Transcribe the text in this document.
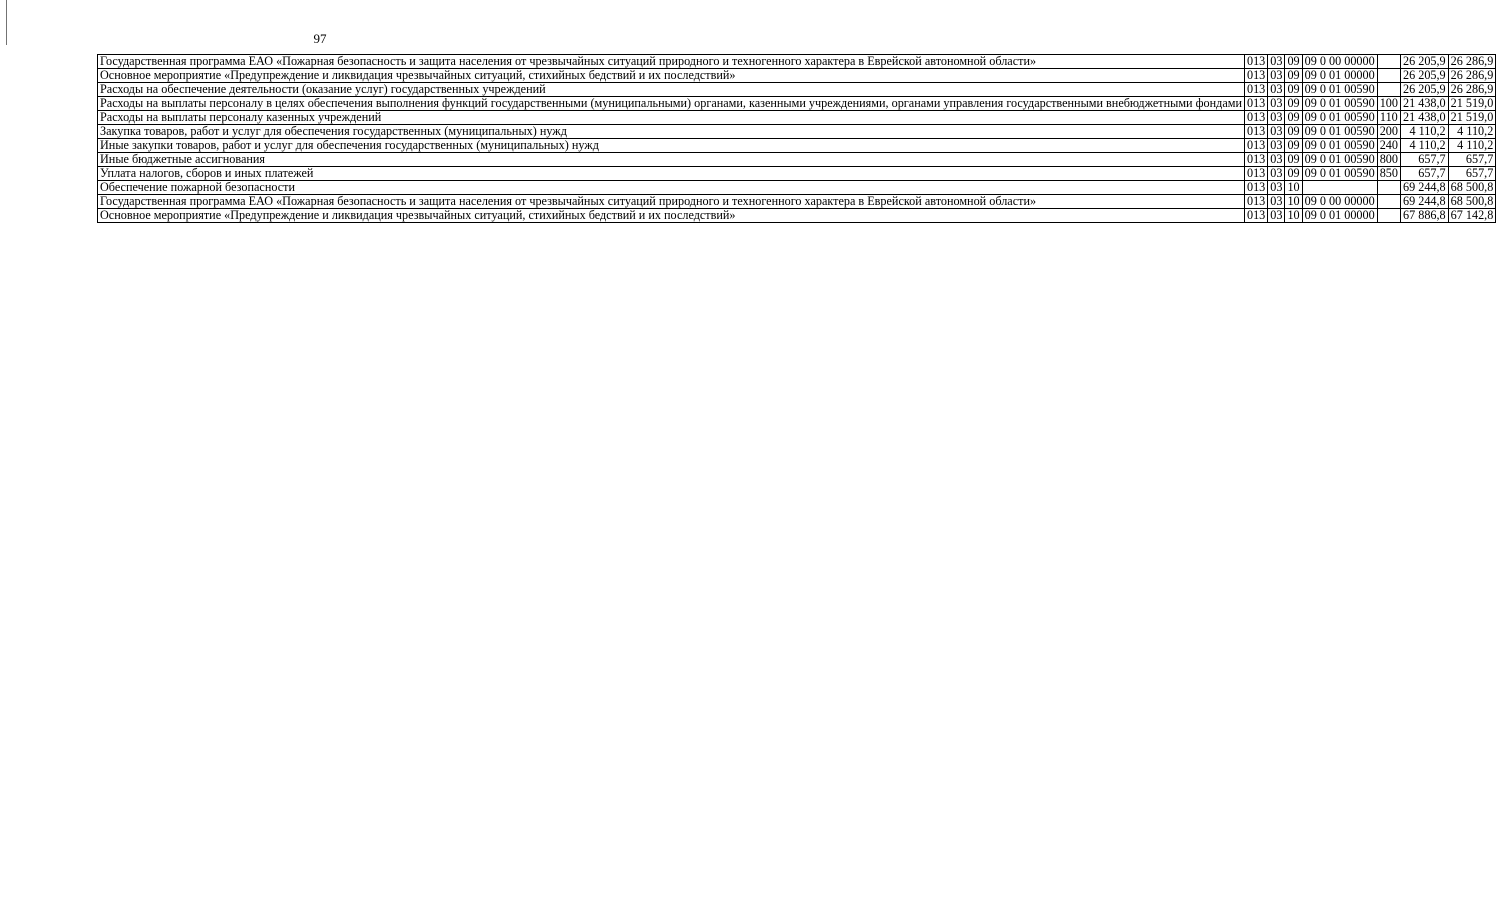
97
Государственная программа ЕАО «Пожарная безопасность и защита населения от чрезвычайных ситуаций природного и техногенного характера в Еврейской автономной области»	013	03	09	09 0 00 00000		26 205,9	26 286,9
Основное мероприятие «Предупреждение и ликвидация чрезвычайных ситуаций, стихийных бедствий и их последствий»	013	03	09	09 0 01 00000		26 205,9	26 286,9
Расходы на обеспечение деятельности (оказание услуг) государственных учреждений	013	03	09	09 0 01 00590		26 205,9	26 286,9
Расходы на выплаты персоналу в целях обеспечения выполнения функций государственными (муниципальными) органами, казенными учреждениями, органами управления государственными внебюджетными фондами	013	03	09	09 0 01 00590	100	21 438,0	21 519,0
Расходы на выплаты персоналу казенных учреждений	013	03	09	09 0 01 00590	110	21 438,0	21 519,0
Закупка товаров, работ и услуг для обеспечения государственных (муниципальных) нужд	013	03	09	09 0 01 00590	200	4 110,2	4 110,2
Иные закупки товаров, работ и услуг для обеспечения государственных (муниципальных) нужд	013	03	09	09 0 01 00590	240	4 110,2	4 110,2
Иные бюджетные ассигнования	013	03	09	09 0 01 00590	800	657,7	657,7
Уплата налогов, сборов и иных платежей	013	03	09	09 0 01 00590	850	657,7	657,7
Обеспечение пожарной безопасности	013	03	10			69 244,8	68 500,8
Государственная программа ЕАО «Пожарная безопасность и защита населения от чрезвычайных ситуаций природного и техногенного характера в Еврейской автономной области»	013	03	10	09 0 00 00000		69 244,8	68 500,8
Основное мероприятие «Предупреждение и ликвидация чрезвычайных ситуаций, стихийных бедствий и их последствий»	013	03	10	09 0 01 00000		67 886,8	67 142,8
